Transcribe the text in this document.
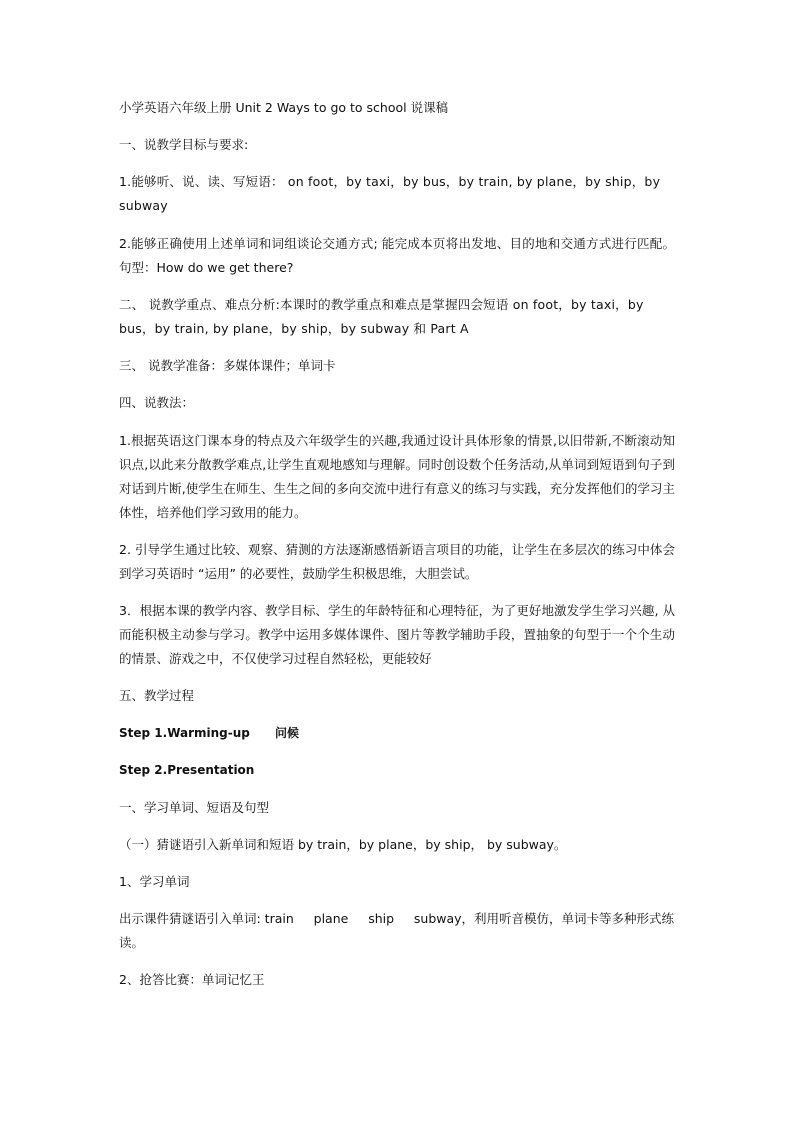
小学英语六年级上册 Unit 2 Ways to go to school 说课稿

一、说教学目标与要求:

1.能够听、说、读、写短语： on foot，by taxi，by bus，by train, by plane，by ship，by subway

2.能够正确使用上述单词和词组谈论交通方式; 能完成本页将出发地、目的地和交通方式进行匹配。句型：How do we get there?

二、 说教学重点、难点分析:本课时的教学重点和难点是掌握四会短语 on foot，by taxi，by bus，by train, by plane，by ship，by subway 和 Part A

三、 说教学准备：多媒体课件；单词卡

四、说教法：

1.根据英语这门课本身的特点及六年级学生的兴趣,我通过设计具体形象的情景,以旧带新,不断滚动知识点,以此来分散教学难点,让学生直观地感知与理解。同时创设数个任务活动,从单词到短语到句子到对话到片断,使学生在师生、生生之间的多向交流中进行有意义的练习与实践，充分发挥他们的学习主体性，培养他们学习致用的能力。

2. 引导学生通过比较、观察、猜测的方法逐渐感悟新语言项目的功能，让学生在多层次的练习中体会到学习英语时 “运用” 的必要性，鼓励学生积极思维，大胆尝试。

3．根据本课的教学内容、教学目标、学生的年龄特征和心理特征，为了更好地激发学生学习兴趣, 从而能积极主动参与学习。教学中运用多媒体课件、图片等教学辅助手段，置抽象的句型于一个个生动的情景、游戏之中，不仅使学习过程自然轻松，更能较好

五、教学过程

Step 1.Warming-up      问候

Step 2.Presentation

一、学习单词、短语及句型

（一）猜谜语引入新单词和短语 by train，by plane，by ship， by subway。

1、学习单词

出示课件猜谜语引入单词: train     plane     ship     subway，利用听音模仿，单词卡等多种形式练读。

2、抢答比赛：单词记忆王
